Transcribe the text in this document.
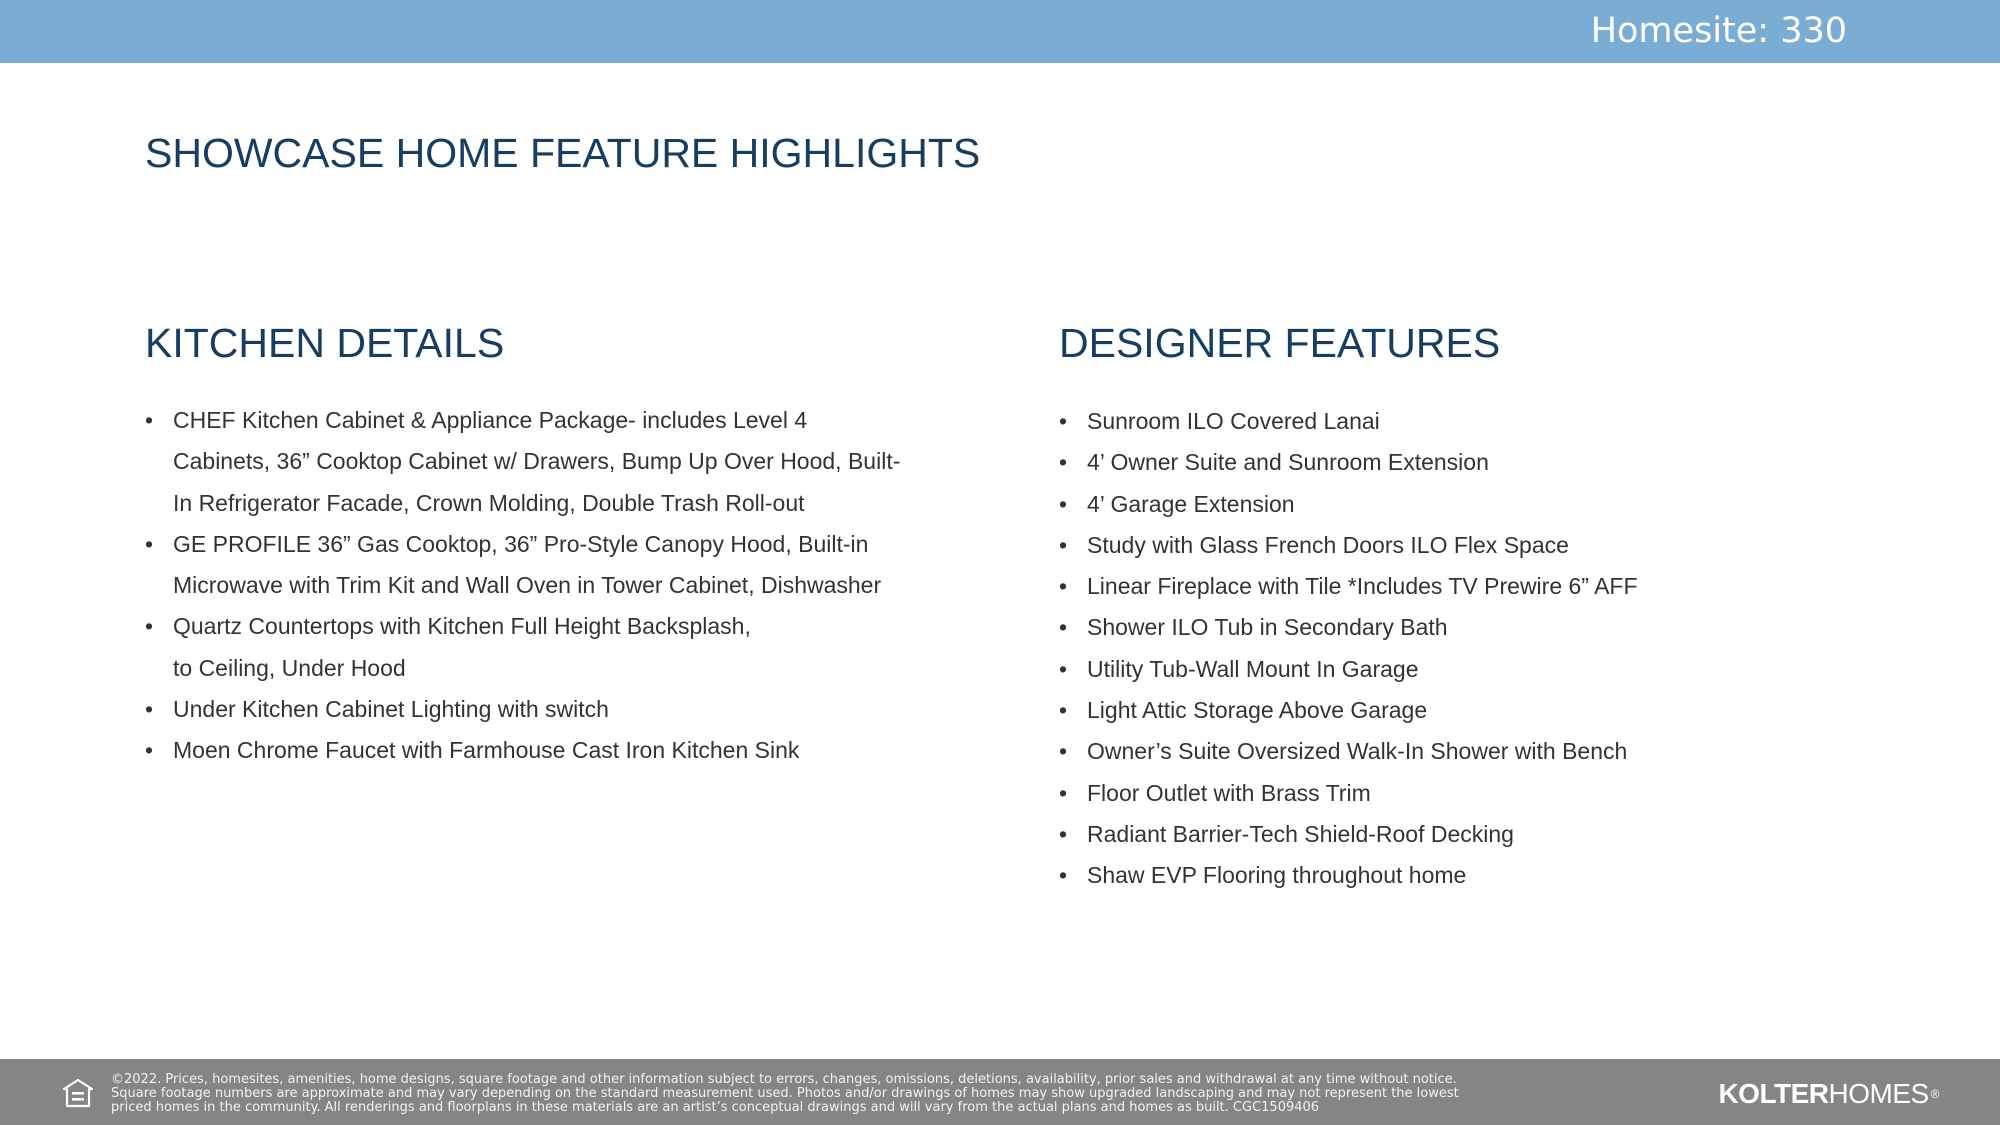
Homesite: 330
SHOWCASE HOME FEATURE HIGHLIGHTS
KITCHEN DETAILS
• CHEF Kitchen Cabinet & Appliance Package- includes Level 4
Cabinets, 36” Cooktop Cabinet w/ Drawers, Bump Up Over Hood, Built-
In Refrigerator Facade, Crown Molding, Double Trash Roll-out
• GE PROFILE 36” Gas Cooktop, 36” Pro-Style Canopy Hood, Built-in
Microwave with Trim Kit and Wall Oven in Tower Cabinet, Dishwasher
• Quartz Countertops with Kitchen Full Height Backsplash,
to Ceiling, Under Hood
• Under Kitchen Cabinet Lighting with switch
• Moen Chrome Faucet with Farmhouse Cast Iron Kitchen Sink
DESIGNER FEATURES
• Sunroom ILO Covered Lanai
• 4’ Owner Suite and Sunroom Extension
• 4’ Garage Extension
• Study with Glass French Doors ILO Flex Space
• Linear Fireplace with Tile *Includes TV Prewire 6” AFF
• Shower ILO Tub in Secondary Bath
• Utility Tub-Wall Mount In Garage
• Light Attic Storage Above Garage
• Owner’s Suite Oversized Walk-In Shower with Bench
• Floor Outlet with Brass Trim
• Radiant Barrier-Tech Shield-Roof Decking
• Shaw EVP Flooring throughout home

©2022. Prices, homesites, amenities, home designs, square footage and other information subject to errors, changes, omissions, deletions, availability, prior sales and withdrawal at any time without notice.
Square footage numbers are approximate and may vary depending on the standard measurement used. Photos and/or drawings of homes may show upgraded landscaping and may not represent the lowest
priced homes in the community. All renderings and floorplans in these materials are an artist’s conceptual drawings and will vary from the actual plans and homes as built. CGC1509406	KOLTERHOMES ®
